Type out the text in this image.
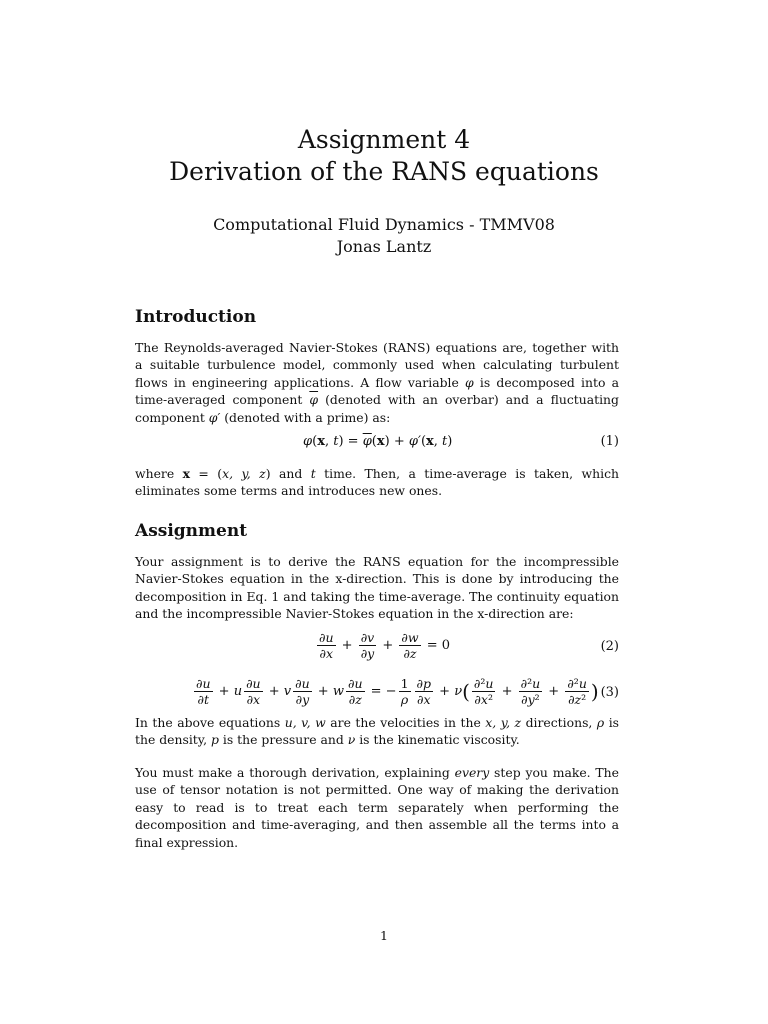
Assignment 4
Derivation of the RANS equations
Computational Fluid Dynamics - TMMV08
Jonas Lantz
Introduction

The Reynolds-averaged Navier-Stokes (RANS) equations are, together with a suitable turbulence model, commonly used when calculating turbulent flows in engineering applications. A flow variable φ is decomposed into a time-averaged component $\overline{\varphi}$ (denoted with an overbar) and a fluctuating component φ′ (denoted with a prime) as:

φ(x, $t) = \overline{\varphi}(x) + \varphi'(x$, t)	(1)

where x = (x, y, z) and t time. Then, a time-average is taken, which eliminates some terms and introduces new ones.

Assignment

Your assignment is to derive the RANS equation for the incompressible Navier-Stokes equation in the x-direction. This is done by introducing the decomposition in Eq. 1 and taking the time-average. The continuity equation and the incompressible Navier-Stokes equation in the x-direction are:

$\frac{\partial u}{\partial x} + \frac{\partial v}{\partial y} + \frac{\partial w}{\partial z} = 0$	(2)
$\frac{\partial u}{\partial t} + u \frac{\partial u}{\partial x} + v \frac{\partial u}{\partial y} + w \frac{\partial u}{\partial z}$ = − $\frac{1}{\rho} \frac{\partial p}{\partial x} + \nu( \frac{\text{∂²u}}{\text{∂x²}} + \frac{\text{∂²u}}{\text{∂y²}} + \frac{\text{∂²u}}{\text{∂z²}}$ ) (3)

In the above equations u, v, w are the velocities in the x, y, z directions, ρ is the density, p is the pressure and ν is the kinematic viscosity.

You must make a thorough derivation, explaining every step you make. The use of tensor notation is not permitted. One way of making the derivation easy to read is to treat each term separately when performing the decomposition and time-averaging, and then assemble all the terms into a final expression.

1
